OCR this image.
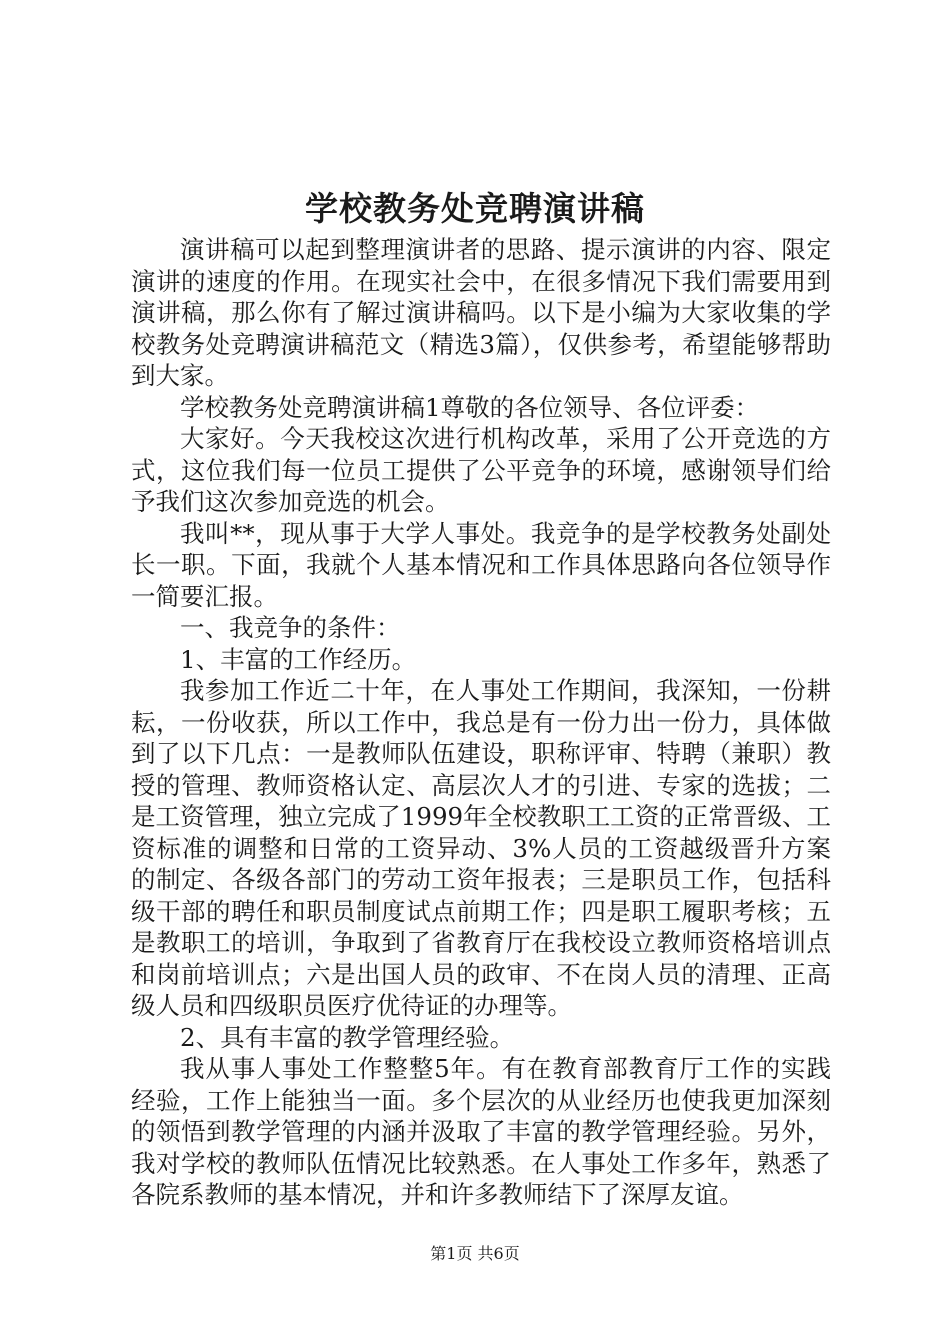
学校教务处竞聘演讲稿

演讲稿可以起到整理演讲者的思路、提示演讲的内容、限定演讲的速度的作用。在现实社会中，在很多情况下我们需要用到演讲稿，那么你有了解过演讲稿吗。以下是小编为大家收集的学校教务处竞聘演讲稿范文（精选3篇），仅供参考，希望能够帮助到大家。

学校教务处竞聘演讲稿1尊敬的各位领导、各位评委：

大家好。今天我校这次进行机构改革，采用了公开竞选的方式，这位我们每一位员工提供了公平竞争的环境，感谢领导们给予我们这次参加竞选的机会。

我叫**，现从事于大学人事处。我竞争的是学校教务处副处长一职。下面，我就个人基本情况和工作具体思路向各位领导作一简要汇报。

一、我竞争的条件：

1、丰富的工作经历。

我参加工作近二十年，在人事处工作期间，我深知，一份耕耘，一份收获，所以工作中，我总是有一份力出一份力，具体做到了以下几点：一是教师队伍建设，职称评审、特聘（兼职）教授的管理、教师资格认定、高层次人才的引进、专家的选拔；二是工资管理，独立完成了1999年全校教职工工资的正常晋级、工资标准的调整和日常的工资异动、3%人员的工资越级晋升方案的制定、各级各部门的劳动工资年报表；三是职员工作，包括科级干部的聘任和职员制度试点前期工作；四是职工履职考核；五是教职工的培训，争取到了省教育厅在我校设立教师资格培训点和岗前培训点；六是出国人员的政审、不在岗人员的清理、正高级人员和四级职员医疗优待证的办理等。

2、具有丰富的教学管理经验。

我从事人事处工作整整5年。有在教育部教育厅工作的实践经验，工作上能独当一面。多个层次的从业经历也使我更加深刻的领悟到教学管理的内涵并汲取了丰富的教学管理经验。另外，我对学校的教师队伍情况比较熟悉。在人事处工作多年，熟悉了各院系教师的基本情况，并和许多教师结下了深厚友谊。

第1页 共6页
